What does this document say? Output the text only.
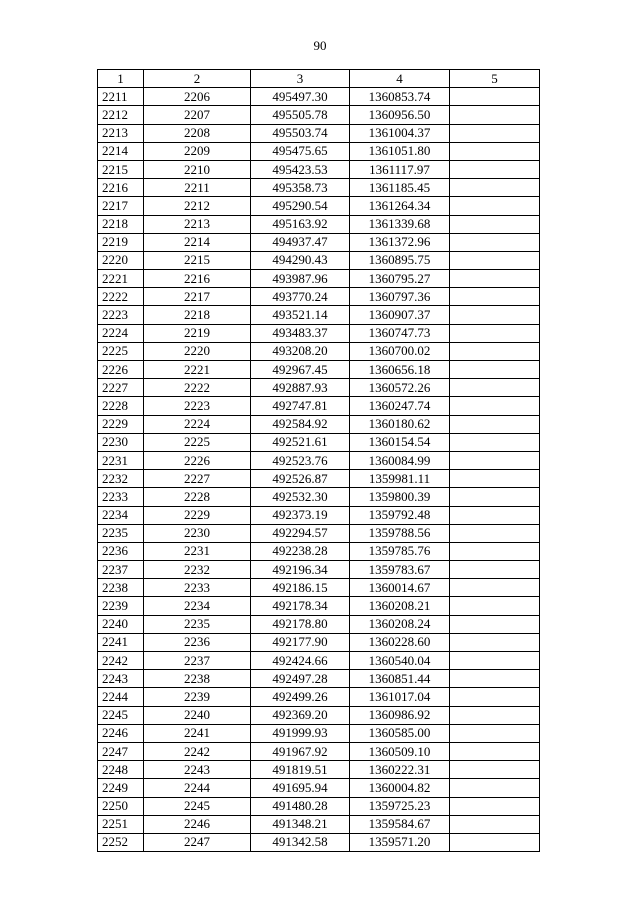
90
1	2	3	4	5
2211	2206	495497.30	1360853.74	
2212	2207	495505.78	1360956.50	
2213	2208	495503.74	1361004.37	
2214	2209	495475.65	1361051.80	
2215	2210	495423.53	1361117.97	
2216	2211	495358.73	1361185.45	
2217	2212	495290.54	1361264.34	
2218	2213	495163.92	1361339.68	
2219	2214	494937.47	1361372.96	
2220	2215	494290.43	1360895.75	
2221	2216	493987.96	1360795.27	
2222	2217	493770.24	1360797.36	
2223	2218	493521.14	1360907.37	
2224	2219	493483.37	1360747.73	
2225	2220	493208.20	1360700.02	
2226	2221	492967.45	1360656.18	
2227	2222	492887.93	1360572.26	
2228	2223	492747.81	1360247.74	
2229	2224	492584.92	1360180.62	
2230	2225	492521.61	1360154.54	
2231	2226	492523.76	1360084.99	
2232	2227	492526.87	1359981.11	
2233	2228	492532.30	1359800.39	
2234	2229	492373.19	1359792.48	
2235	2230	492294.57	1359788.56	
2236	2231	492238.28	1359785.76	
2237	2232	492196.34	1359783.67	
2238	2233	492186.15	1360014.67	
2239	2234	492178.34	1360208.21	
2240	2235	492178.80	1360208.24	
2241	2236	492177.90	1360228.60	
2242	2237	492424.66	1360540.04	
2243	2238	492497.28	1360851.44	
2244	2239	492499.26	1361017.04	
2245	2240	492369.20	1360986.92	
2246	2241	491999.93	1360585.00	
2247	2242	491967.92	1360509.10	
2248	2243	491819.51	1360222.31	
2249	2244	491695.94	1360004.82	
2250	2245	491480.28	1359725.23	
2251	2246	491348.21	1359584.67	
2252	2247	491342.58	1359571.20	
